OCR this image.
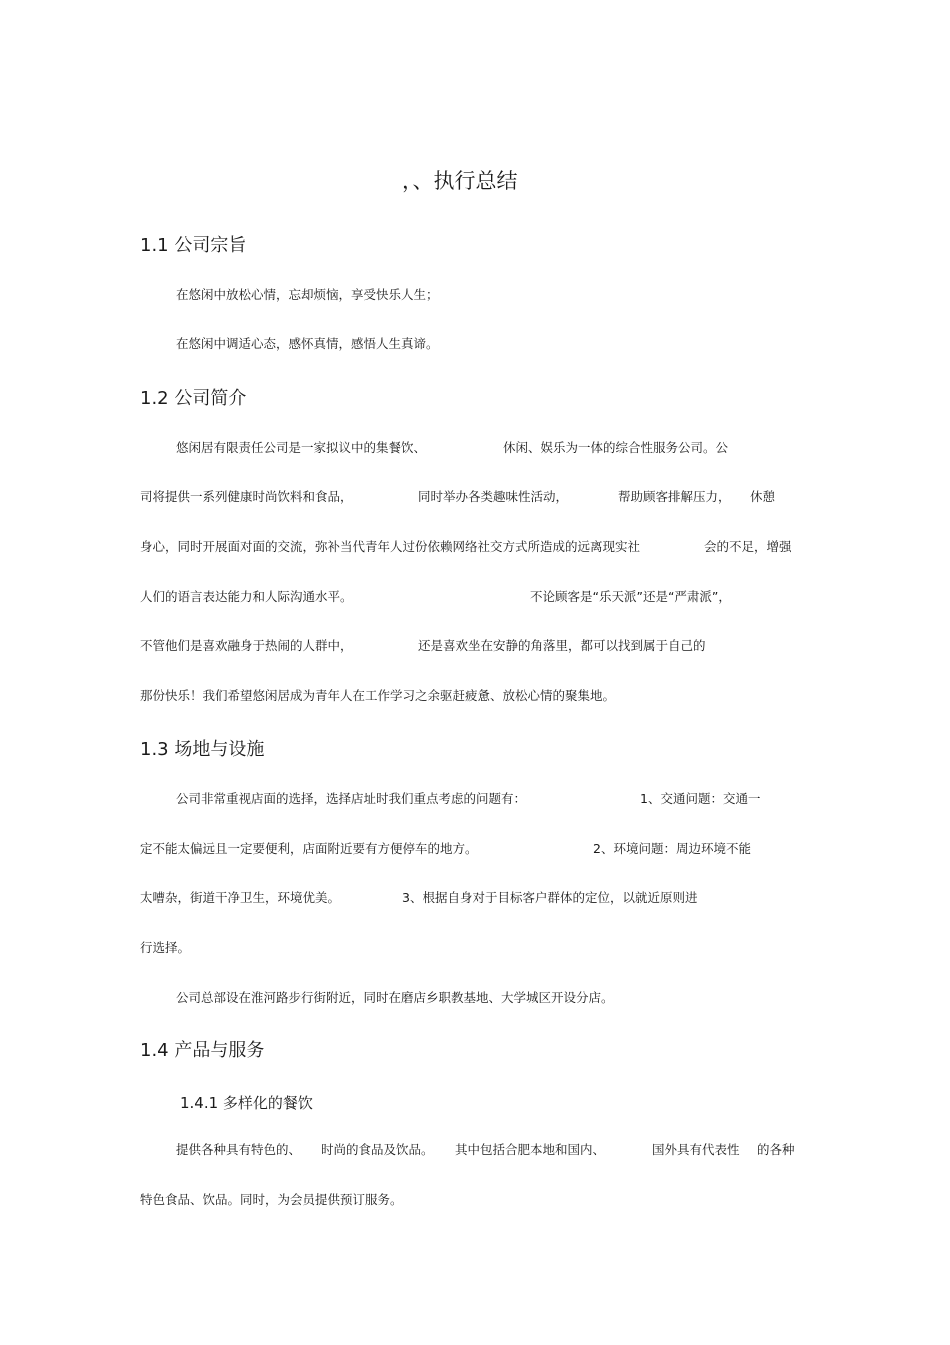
，、执行总结
1.1 公司宗旨
在悠闲中放松心情，忘却烦恼，享受快乐人生；
在悠闲中调适心态，感怀真情，感悟人生真谛。
1.2 公司简介
悠闲居有限责任公司是一家拟议中的集餐饮、	休闲、娱乐为一体的综合性服务公司。公
司将提供一系列健康时尚饮料和食品，	同时举办各类趣味性活动，	帮助顾客排解压力， 休憩
身心，同时开展面对面的交流，弥补当代青年人过份依赖网络社交方式所造成的远离现实社	会的不足，增强
人们的语言表达能力和人际沟通水平。	不论顾客是“乐天派”还是“严肃派”，
不管他们是喜欢融身于热闹的人群中，	还是喜欢坐在安静的角落里，都可以找到属于自己的
那份快乐！我们希望悠闲居成为青年人在工作学习之余驱赶疲惫、放松心情的聚集地。
1.3 场地与设施
公司非常重视店面的选择，选择店址时我们重点考虑的问题有：	1、交通问题：交通一
定不能太偏远且一定要便利，店面附近要有方便停车的地方。	2、环境问题：周边环境不能
太嘈杂，街道干净卫生，环境优美。	3、根据自身对于目标客户群体的定位，以就近原则进
行选择。
公司总部设在淮河路步行街附近，同时在磨店乡职教基地、大学城区开设分店。
1.4 产品与服务
1.4.1 多样化的餐饮
提供各种具有特色的、 时尚的食品及饮品。 其中包括合肥本地和国内、	国外具有代表性 的各种
特色食品、饮品。同时，为会员提供预订服务。
